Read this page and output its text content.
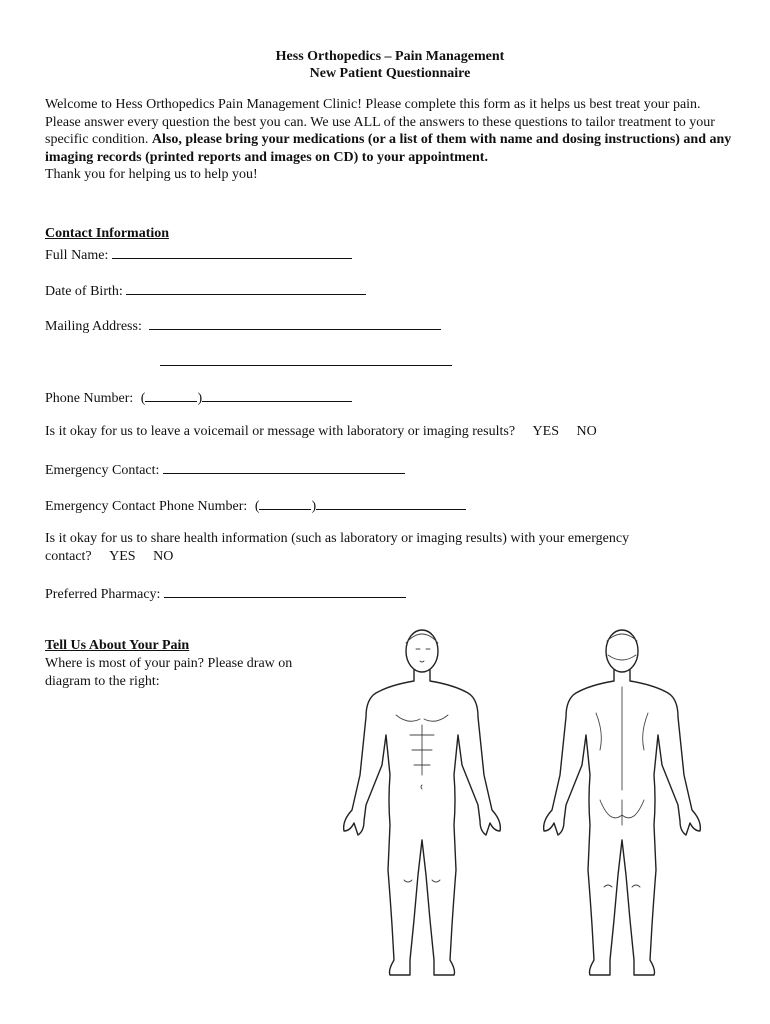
Hess Orthopedics – Pain Management
New Patient Questionnaire
Welcome to Hess Orthopedics Pain Management Clinic! Please complete this form as it helps us best treat your pain. Please answer every question the best you can. We use ALL of the answers to these questions to tailor treatment to your specific condition. Also, please bring your medications (or a list of them with name and dosing instructions) and any imaging records (printed reports and images on CD) to your appointment.
Thank you for helping us to help you!
Contact Information
Full Name:
Date of Birth:
Mailing Address:
Phone Number: (	)
Is it okay for us to leave a voicemail or message with laboratory or imaging results? YES NO
Emergency Contact:
Emergency Contact Phone Number: (	)
Is it okay for us to share health information (such as laboratory or imaging results) with your emergency
contact? YES NO
Preferred Pharmacy:
Tell Us About Your Pain
Where is most of your pain? Please draw on
diagram to the right:
